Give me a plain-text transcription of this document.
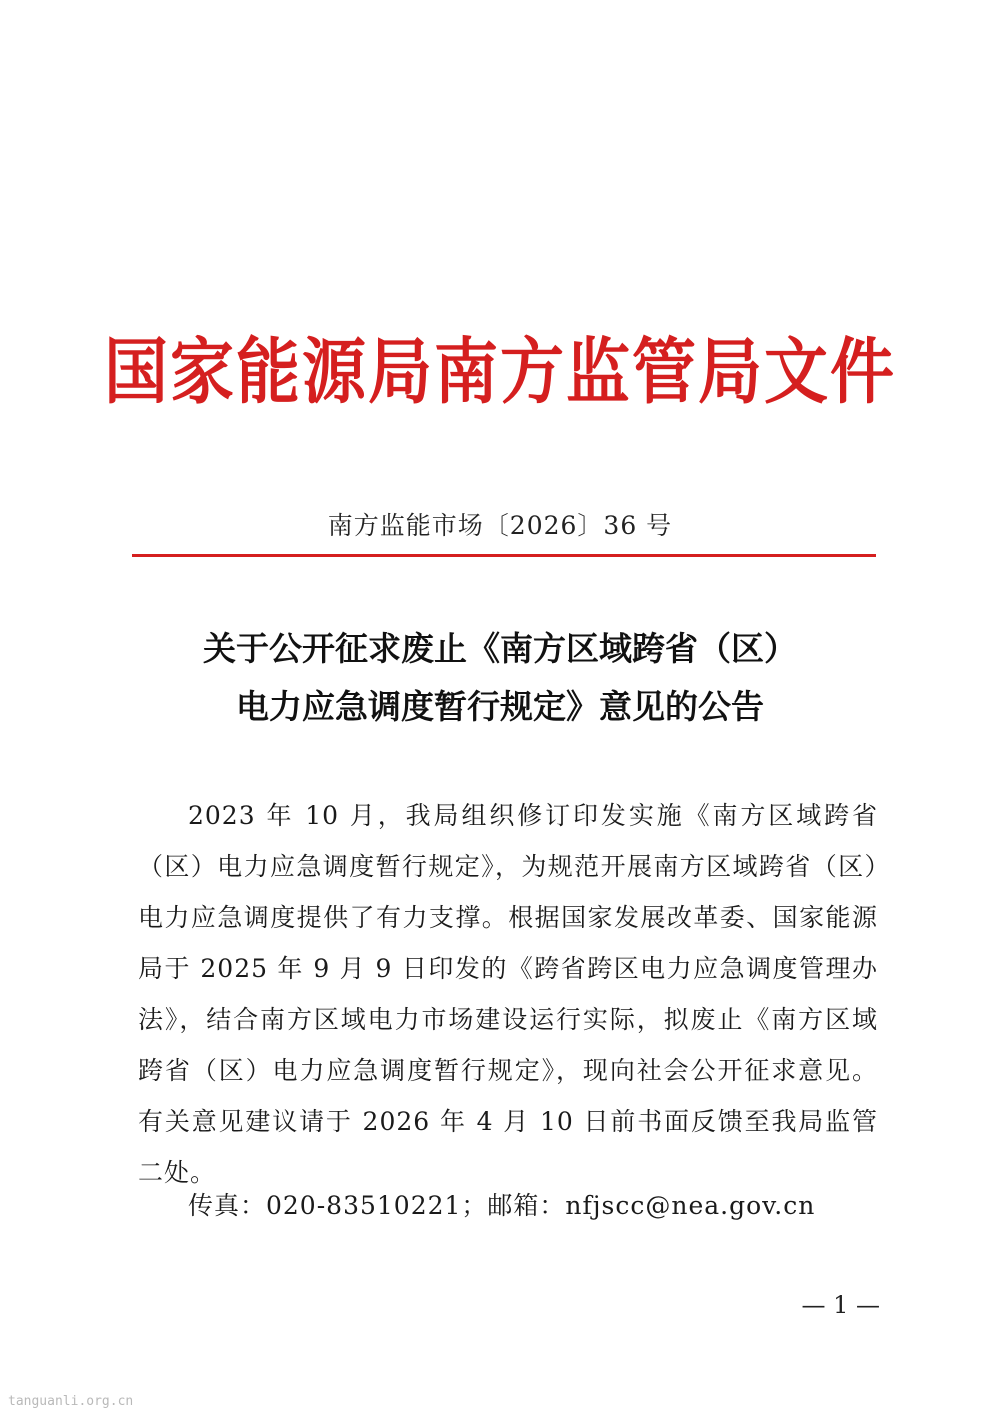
国家能源局南方监管局文件
南方监能市场〔2026〕36 号
关于公开征求废止《南方区域跨省（区）
电力应急调度暂行规定》意见的公告
2023 年 10 月，我局组织修订印发实施《南方区域跨省（区）电力应急调度暂行规定》，为规范开展南方区域跨省（区）电力应急调度提供了有力支撑。根据国家发展改革委、国家能源局于 2025 年 9 月 9 日印发的《跨省跨区电力应急调度管理办法》，结合南方区域电力市场建设运行实际，拟废止《南方区域跨省（区）电力应急调度暂行规定》，现向社会公开征求意见。有关意见建议请于 2026 年 4 月 10 日前书面反馈至我局监管二处。
传真：020-83510221；邮箱：nfjscc@nea.gov.cn
— 1 —
tanguanli.org.cn
